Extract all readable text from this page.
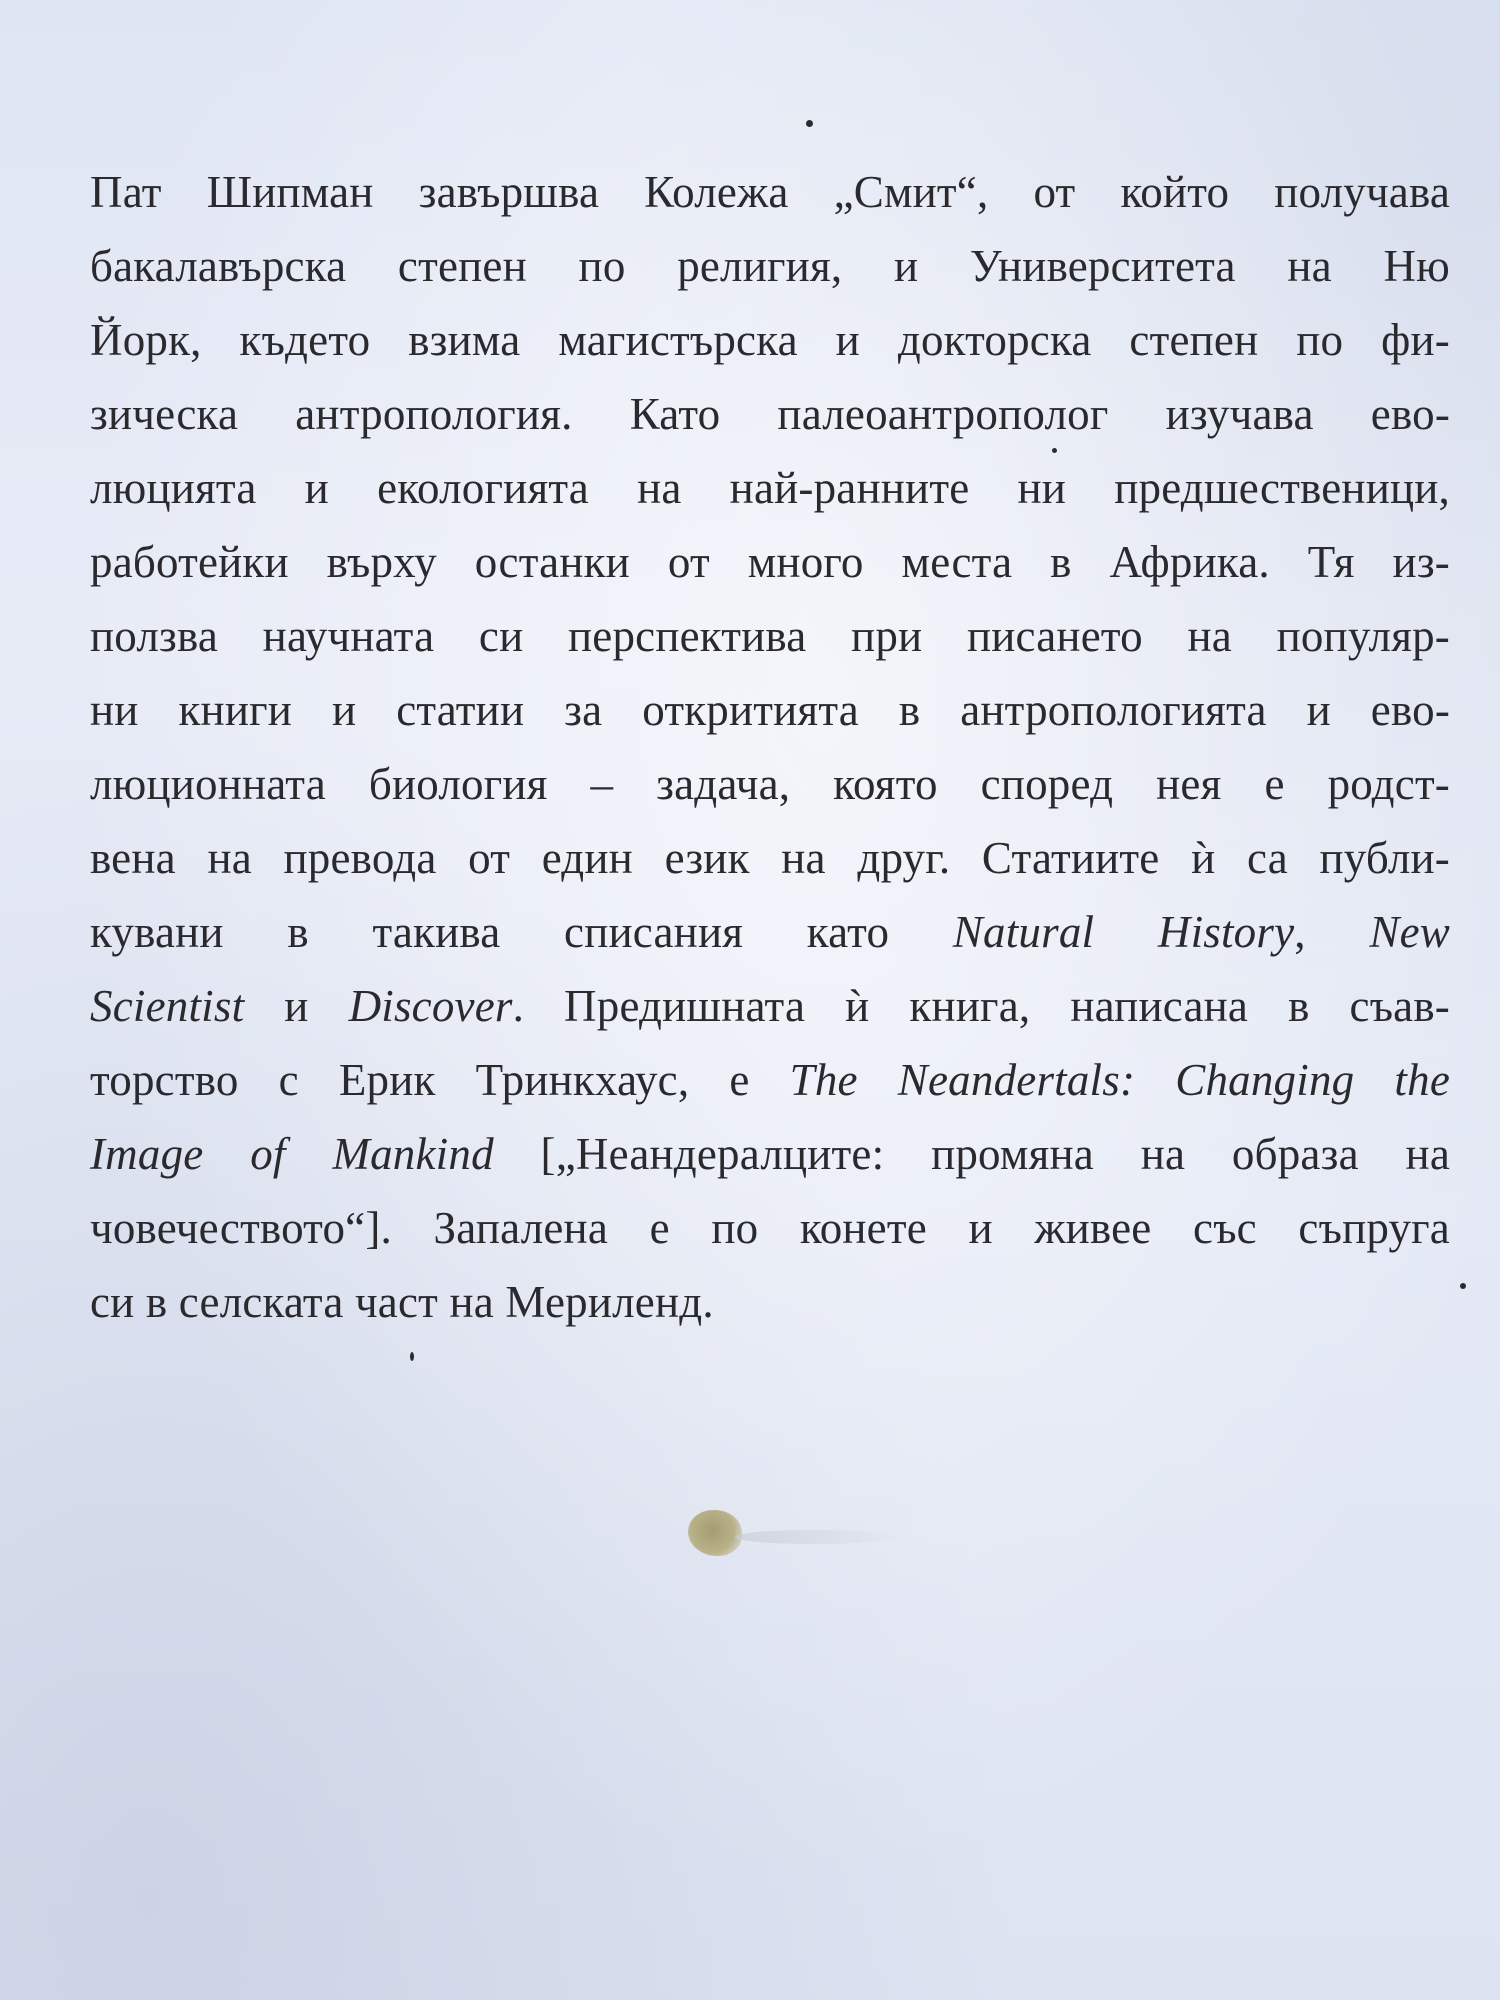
Пат Шипман завършва Колежа „Смит“, от който получава
бакалавърска степен по религия, и Университета на Ню
Йорк, където взима магистърска и докторска степен по фи-
зическа антропология. Като палеоантрополог изучава ево-
люцията и екологията на най-ранните ни предшественици,
работейки върху останки от много места в Африка. Тя из-
ползва научната си перспектива при писането на популяр-
ни книги и статии за откритията в антропологията и ево-
люционната биология – задача, която според нея е родст-
вена на превода от един език на друг. Статиите ѝ са публи-
кувани в такива списания като Natural History, New
Scientist и Discover. Предишната ѝ книга, написана в съав-
торство с Ерик Тринкхаус, е The Neandertals: Changing the
Image of Mankind [„Неандералците: промяна на образа на
човечеството“]. Запалена е по конете и живее със съпруга
си в селската част на Мериленд.
